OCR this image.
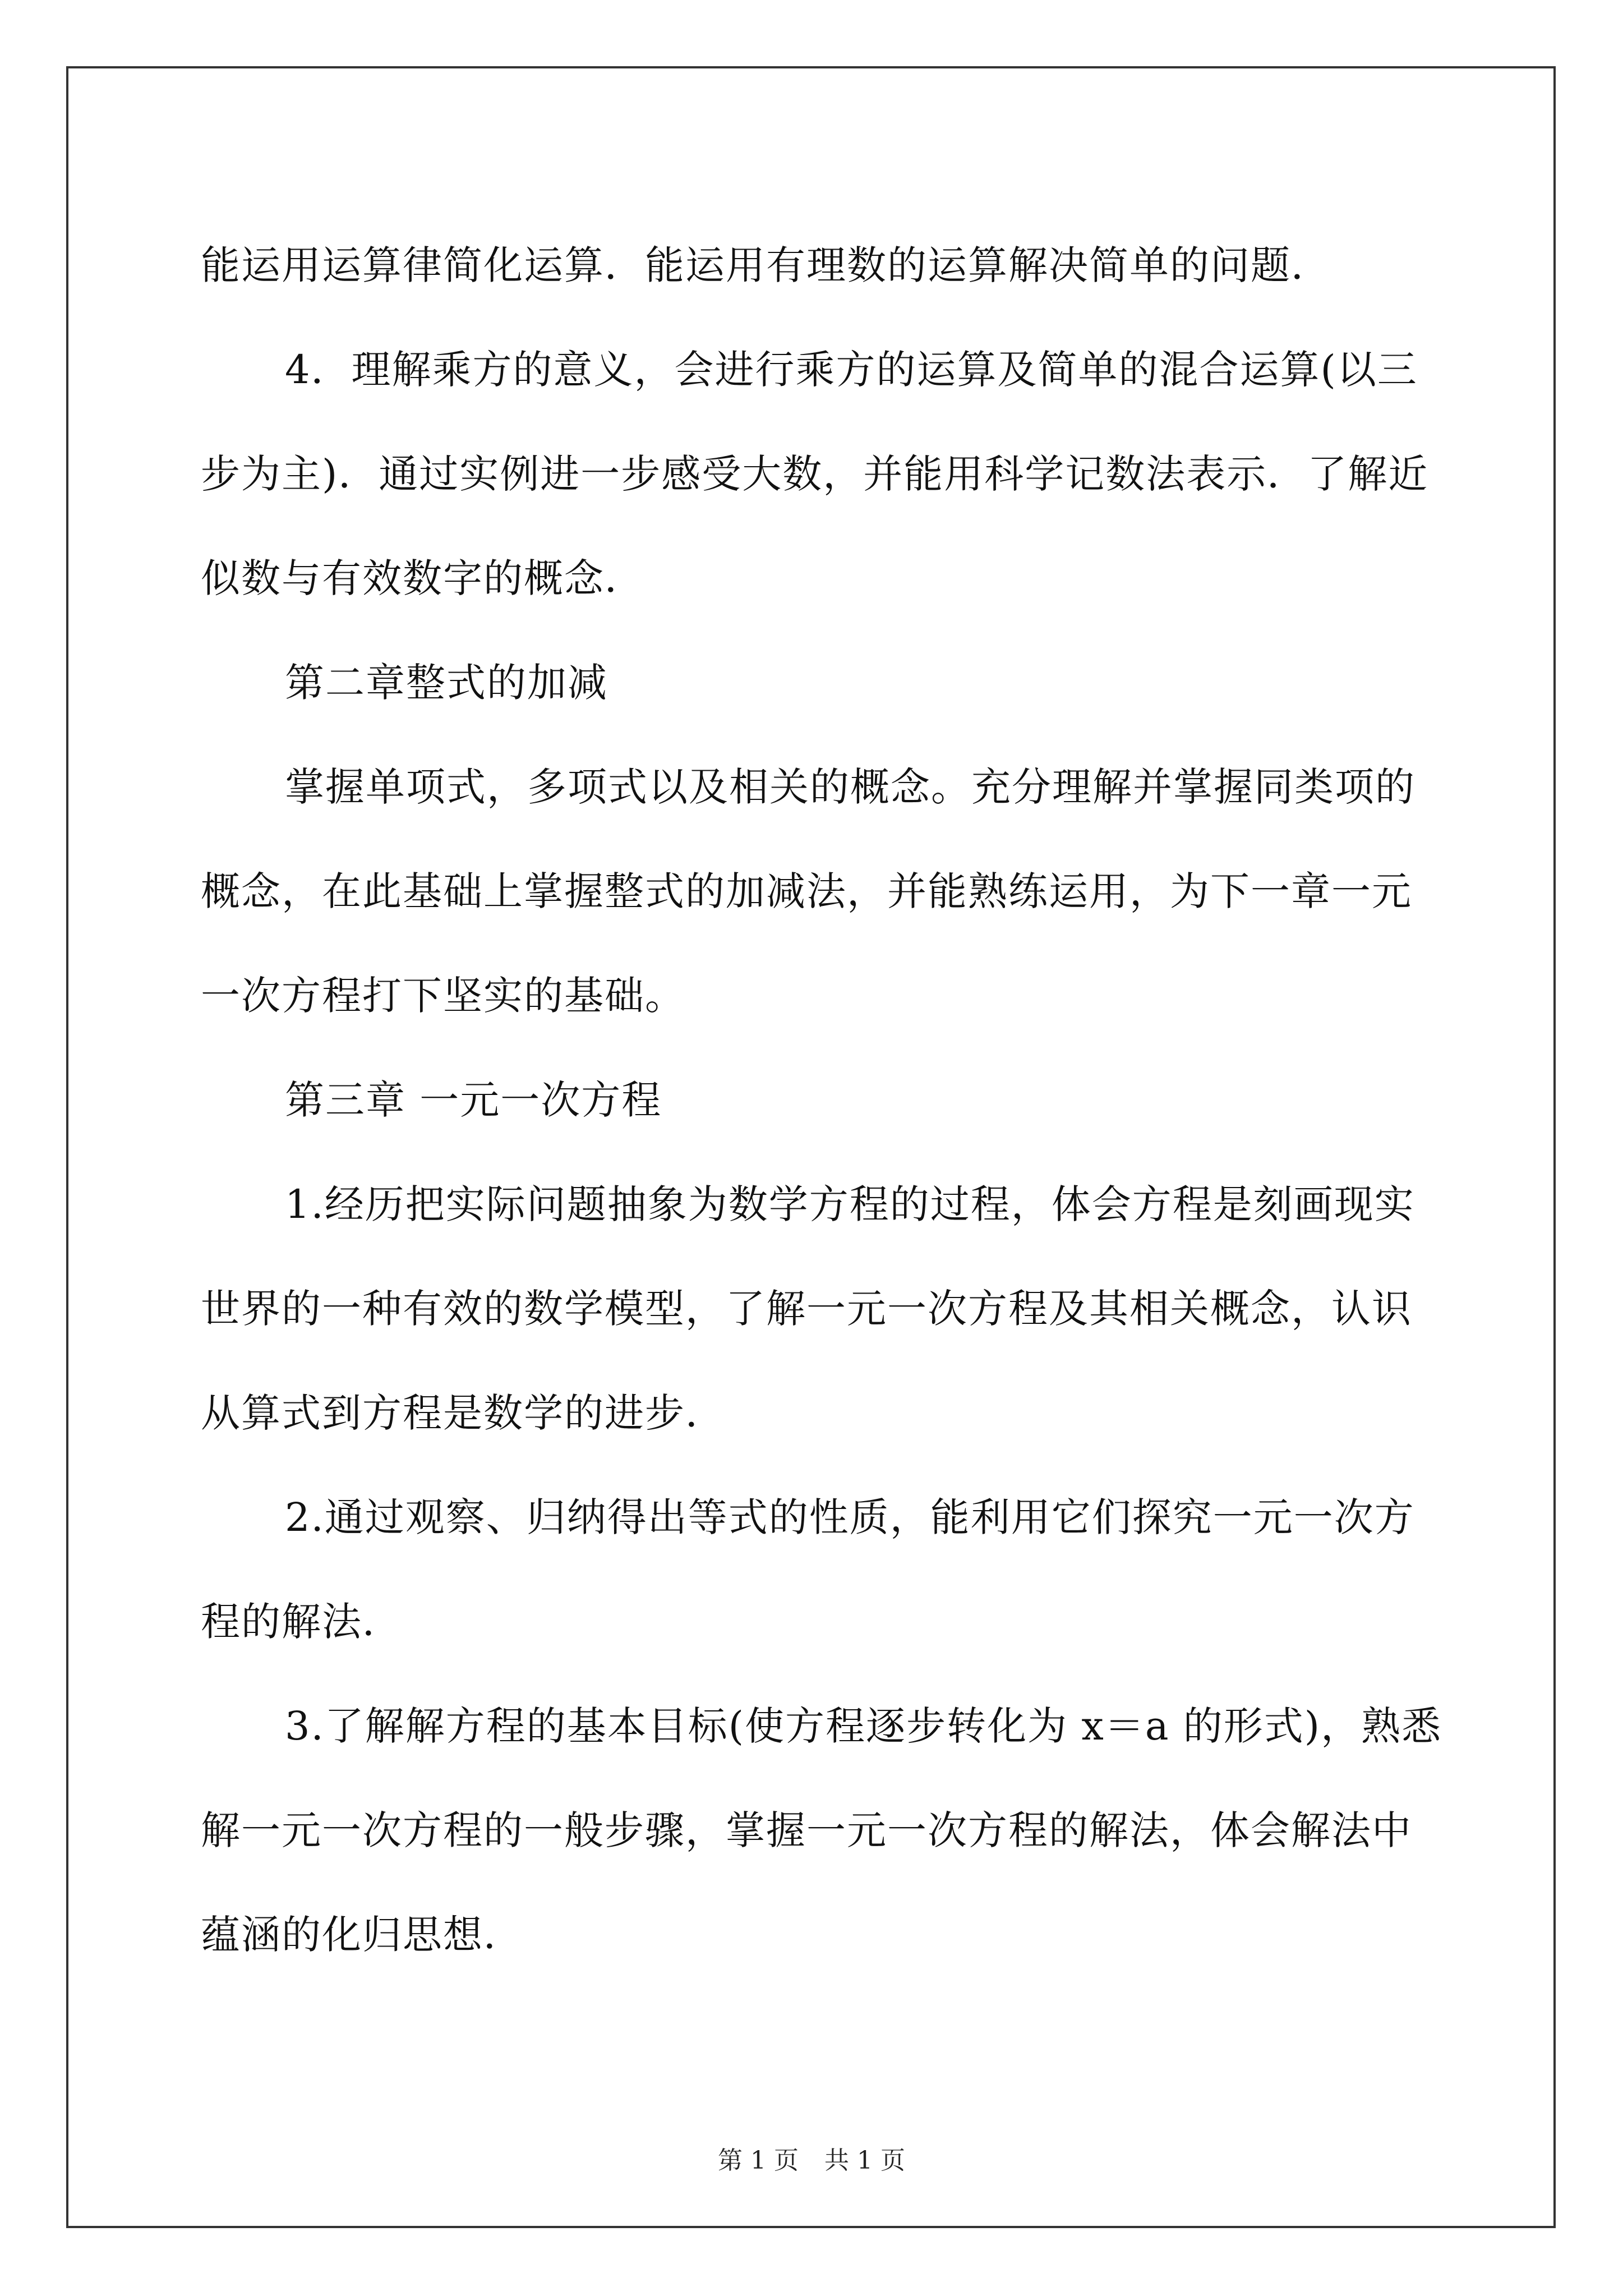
能运用运算律简化运算．能运用有理数的运算解决简单的问题．
4．理解乘方的意义，会进行乘方的运算及简单的混合运算(以三
步为主)．通过实例进一步感受大数，并能用科学记数法表示．了解近
似数与有效数字的概念．
第二章整式的加减
掌握单项式，多项式以及相关的概念。充分理解并掌握同类项的
概念，在此基础上掌握整式的加减法，并能熟练运用，为下一章一元
一次方程打下坚实的基础。
第三章 一元一次方程
1.经历把实际问题抽象为数学方程的过程，体会方程是刻画现实
世界的一种有效的数学模型，了解一元一次方程及其相关概念，认识
从算式到方程是数学的进步．
2.通过观察、归纳得出等式的性质，能利用它们探究一元一次方
程的解法．
3.了解解方程的基本目标(使方程逐步转化为 x＝a 的形式)，熟悉
解一元一次方程的一般步骤，掌握一元一次方程的解法，体会解法中
蕴涵的化归思想．
第 1 页 共 1 页
